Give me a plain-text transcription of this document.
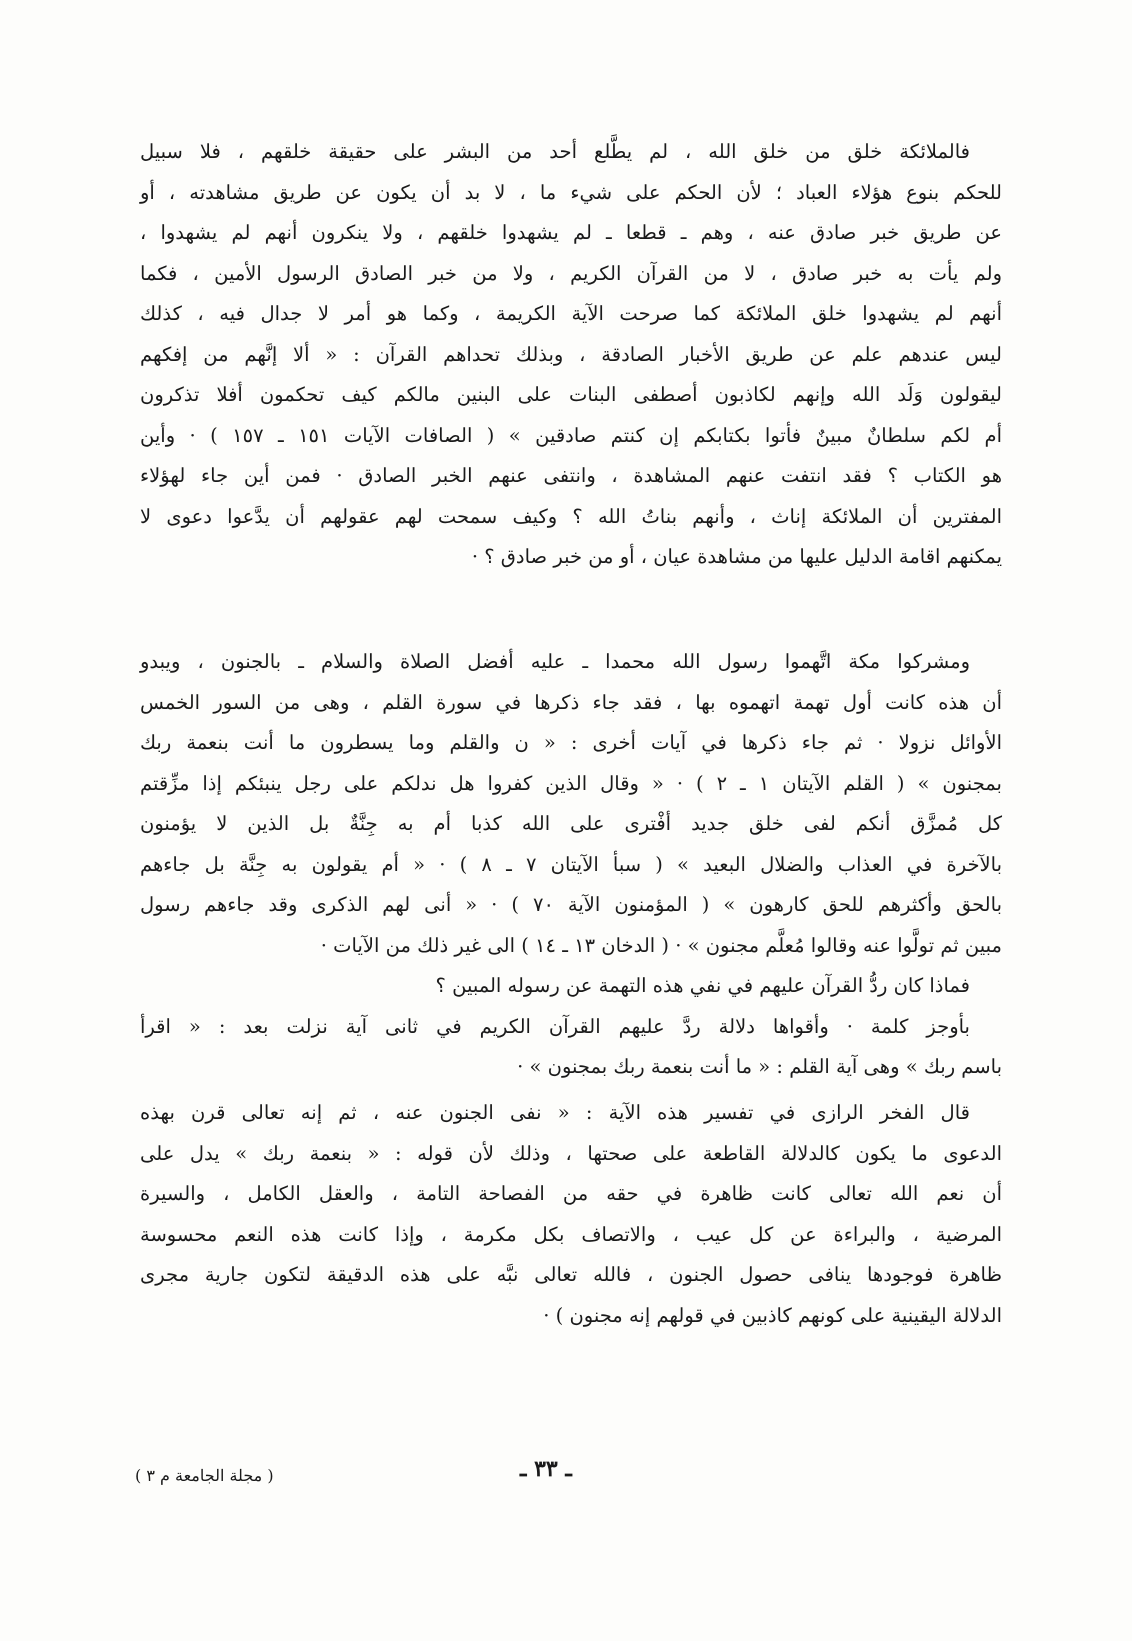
فالملائكة خلق من خلق الله ، لم يطَّلع أحد من البشر على حقيقة خلقهم ، فلا سبيل
للحكم بنوع هؤلاء العباد ؛ لأن الحكم على شيء ما ، لا بد أن يكون عن طريق مشاهدته ، أو
عن طريق خبر صادق عنه ، وهم ـ قطعا ـ لم يشهدوا خلقهم ، ولا ينكرون أنهم لم يشهدوا ،
ولم يأت به خبر صادق ، لا من القرآن الكريم ، ولا من خبر الصادق الرسول الأمين ، فكما
أنهم لم يشهدوا خلق الملائكة كما صرحت الآية الكريمة ، وكما هو أمر لا جدال فيه ، كذلك
ليس عندهم علم عن طريق الأخبار الصادقة ، وبذلك تحداهم القرآن : « ألا إنَّهم من إفكهم
ليقولون وَلَد الله وإنهم لكاذبون أصطفى البنات على البنين مالكم كيف تحكمون أفلا تذكرون
أم لكم سلطانٌ مبينٌ فأتوا بكتابكم إن كنتم صادقين » ( الصافات الآيات ١٥١ ـ ١٥٧ ) · وأين
هو الكتاب ؟ فقد انتفت عنهم المشاهدة ، وانتفى عنهم الخبر الصادق · فمن أين جاء لهؤلاء
المفترين أن الملائكة إناث ، وأنهم بناتُ الله ؟ وكيف سمحت لهم عقولهم أن يدَّعوا دعوى لا
يمكنهم اقامة الدليل عليها من مشاهدة عيان ، أو من خبر صادق ؟ ·
ومشركوا مكة اتَّهموا رسول الله محمدا ـ عليه أفضل الصلاة والسلام ـ بالجنون ، ويبدو
أن هذه كانت أول تهمة اتهموه بها ، فقد جاء ذكرها في سورة القلم ، وهى من السور الخمس
الأوائل نزولا · ثم جاء ذكرها في آيات أخرى : « ن والقلم وما يسطرون ما أنت بنعمة ربك
بمجنون » ( القلم الآيتان ١ ـ ٢ ) · « وقال الذين كفروا هل ندلكم على رجل ينبئكم إذا مزِّقتم
كل مُمزَّق أنكم لفى خلق جديد أفْترى على الله كذبا أم به جِنَّةٌ بل الذين لا يؤمنون
بالآخرة في العذاب والضلال البعيد » ( سبأ الآيتان ٧ ـ ٨ ) · « أم يقولون به جِنَّة بل جاءهم
بالحق وأكثرهم للحق كارهون » ( المؤمنون الآية ٧٠ ) · « أنى لهم الذكرى وقد جاءهم رسول
مبين ثم تولَّوا عنه وقالوا مُعلَّم مجنون » · ( الدخان ١٣ ـ ١٤ ) الى غير ذلك من الآيات ·
فماذا كان ردُّ القرآن عليهم في نفي هذه التهمة عن رسوله المبين ؟
بأوجز كلمة · وأقواها دلالة ردَّ عليهم القرآن الكريم في ثانى آية نزلت بعد : « اقرأ
باسم ربك » وهى آية القلم : « ما أنت بنعمة ربك بمجنون » ·
قال الفخر الرازى في تفسير هذه الآية : « نفى الجنون عنه ، ثم إنه تعالى قرن بهذه
الدعوى ما يكون كالدلالة القاطعة على صحتها ، وذلك لأن قوله : « بنعمة ربك » يدل على
أن نعم الله تعالى كانت ظاهرة في حقه من الفصاحة التامة ، والعقل الكامل ، والسيرة
المرضية ، والبراءة عن كل عيب ، والاتصاف بكل مكرمة ، وإذا كانت هذه النعم محسوسة
ظاهرة فوجودها ينافى حصول الجنون ، فالله تعالى نبَّه على هذه الدقيقة لتكون جارية مجرى
الدلالة اليقينية على كونهم كاذبين في قولهم إنه مجنون ) ·
ـ ٣٣ ـ
( مجلة الجامعة م ٣ )
